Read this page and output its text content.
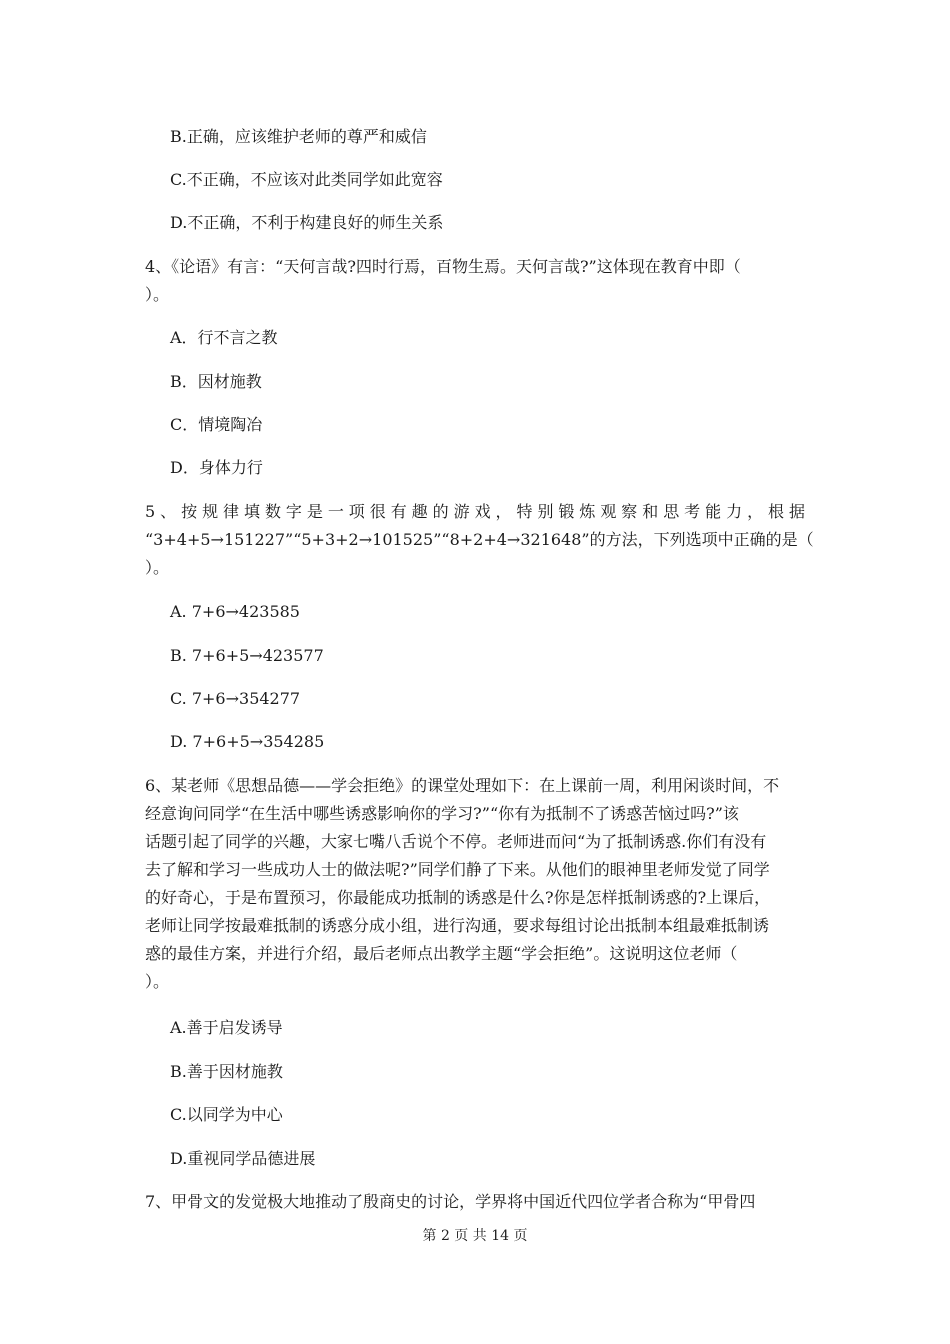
B.正确，应该维护老师的尊严和威信
C.不正确，不应该对此类同学如此宽容
D.不正确，不利于构建良好的师生关系
4、《论语》有言：“天何言哉?四时行焉，百物生焉。天何言哉?”这体现在教育中即（
）。
A．行不言之教
B．因材施教
C．情境陶冶
D．身体力行
5、按规律填数字是一项很有趣的游戏，特别锻炼观察和思考能力，根据
“3+4+5→151227”“5+3+2→101525”“8+2+4→321648”的方法，下列选项中正确的是（
）。
A. 7+6→423585
B. 7+6+5→423577
C. 7+6→354277
D. 7+6+5→354285
6、某老师《思想品德——学会拒绝》的课堂处理如下：在上课前一周，利用闲谈时间，不
经意询问同学“在生活中哪些诱惑影响你的学习?”“你有为抵制不了诱惑苦恼过吗?”该
话题引起了同学的兴趣，大家七嘴八舌说个不停。老师进而问“为了抵制诱惑.你们有没有
去了解和学习一些成功人士的做法呢?”同学们静了下来。从他们的眼神里老师发觉了同学
的好奇心，于是布置预习，你最能成功抵制的诱惑是什么?你是怎样抵制诱惑的?上课后，
老师让同学按最难抵制的诱惑分成小组，进行沟通，要求每组讨论出抵制本组最难抵制诱
惑的最佳方案，并进行介绍，最后老师点出教学主题“学会拒绝”。这说明这位老师（
）。
A.善于启发诱导
B.善于因材施教
C.以同学为中心
D.重视同学品德进展
7、甲骨文的发觉极大地推动了殷商史的讨论，学界将中国近代四位学者合称为“甲骨四
第 2 页 共 14 页
